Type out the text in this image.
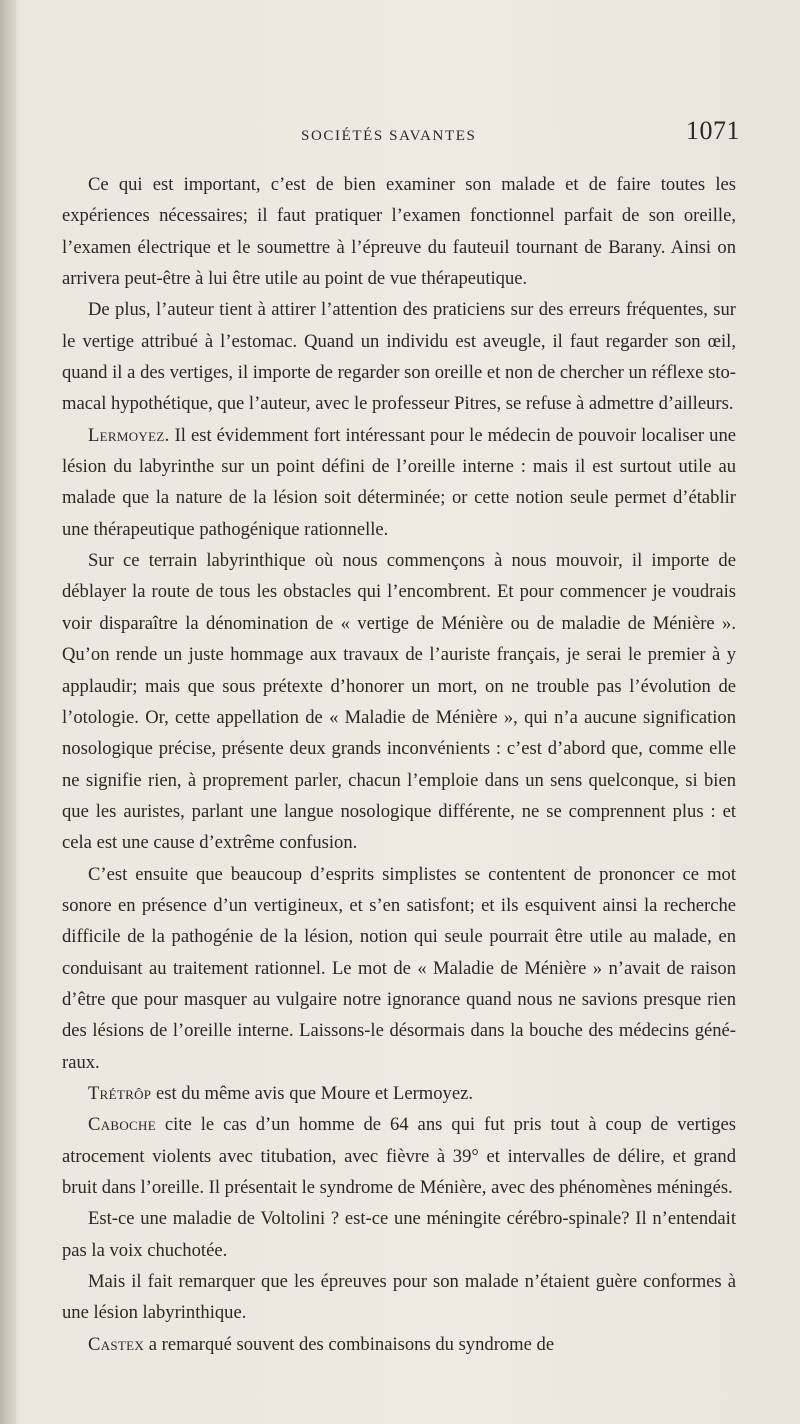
SOCIÉTÉS SAVANTES	1071

Ce qui est important, c’est de bien examiner son malade et de faire toutes les expériences nécessaires; il faut pratiquer l’examen fonctionnel parfait de son oreille, l’examen électrique et le soumettre à l’épreuve du fauteuil tournant de Barany. Ainsi on arrivera peut-être à lui être utile au point de vue thérapeutique.

De plus, l’auteur tient à attirer l’attention des praticiens sur des erreurs fréquentes, sur le vertige attribué à l’estomac. Quand un individu est aveugle, il faut regarder son œil, quand il a des vertiges, il importe de regarder son oreille et non de chercher un réflexe stomacal hypothétique, que l’auteur, avec le professeur Pitres, se refuse à admettre d’ailleurs.

Lermoyez. Il est évidemment fort intéressant pour le médecin de pouvoir localiser une lésion du labyrinthe sur un point défini de l’oreille interne : mais il est surtout utile au malade que la nature de la lésion soit déterminée; or cette notion seule permet d’établir une thérapeutique pathogénique rationnelle.

Sur ce terrain labyrinthique où nous commençons à nous mouvoir, il importe de déblayer la route de tous les obstacles qui l’encombrent. Et pour commencer je voudrais voir disparaître la dénomination de « vertige de Ménière ou de maladie de Ménière ». Qu’on rende un juste hommage aux travaux de l’auriste français, je serai le premier à y applaudir; mais que sous prétexte d’honorer un mort, on ne trouble pas l’évolution de l’otologie. Or, cette appellation de « Maladie de Ménière », qui n’a aucune signification nosologique précise, présente deux grands inconvénients : c’est d’abord que, comme elle ne signifie rien, à proprement parler, chacun l’emploie dans un sens quelconque, si bien que les auristes, parlant une langue nosologique différente, ne se comprennent plus : et cela est une cause d’extrême confusion.

C’est ensuite que beaucoup d’esprits simplistes se contentent de prononcer ce mot sonore en présence d’un vertigineux, et s’en satisfont; et ils esquivent ainsi la recherche difficile de la pathogénie de la lésion, notion qui seule pourrait être utile au malade, en conduisant au traitement rationnel. Le mot de « Maladie de Ménière » n’avait de raison d’être que pour masquer au vulgaire notre ignorance quand nous ne savions presque rien des lésions de l’oreille interne. Laissons-le désormais dans la bouche des médecins généraux.

Trétrôp est du même avis que Moure et Lermoyez.

Caboche cite le cas d’un homme de 64 ans qui fut pris tout à coup de vertiges atrocement violents avec titubation, avec fièvre à 39° et intervalles de délire, et grand bruit dans l’oreille. Il présentait le syndrome de Ménière, avec des phénomènes méningés.

Est-ce une maladie de Voltolini ? est-ce une méningite cérébro-spinale? Il n’entendait pas la voix chuchotée.

Mais il fait remarquer que les épreuves pour son malade n’étaient guère conformes à une lésion labyrinthique.

Castex a remarqué souvent des combinaisons du syndrome de
